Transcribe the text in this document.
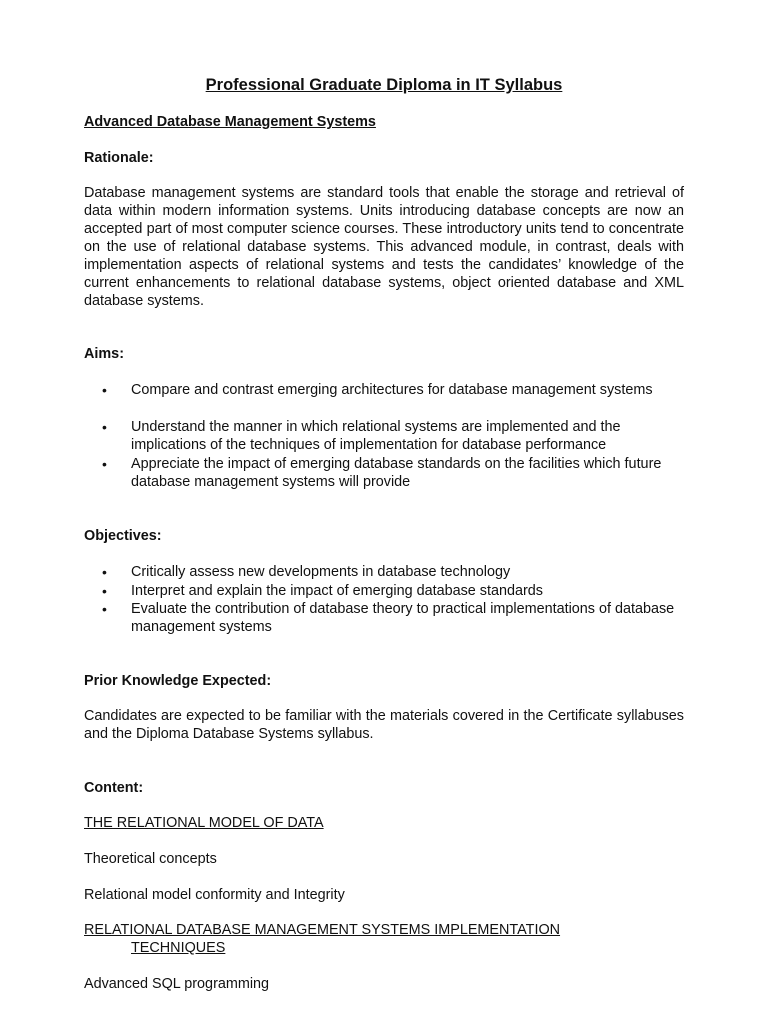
Professional Graduate Diploma in IT Syllabus

Advanced Database Management Systems

Rationale:

Database management systems are standard tools that enable the storage and retrieval of data within modern information systems. Units introducing database concepts are now an accepted part of most computer science courses. These introductory units tend to concentrate on the use of relational database systems. This advanced module, in contrast, deals with implementation aspects of relational systems and tests the candidates’ knowledge of the current enhancements to relational database systems, object oriented database and XML database systems.

Aims:

• Compare and contrast emerging architectures for database management systems

• Understand the manner in which relational systems are implemented and the implications of the techniques of implementation for database performance

• Appreciate the impact of emerging database standards on the facilities which future database management systems will provide

Objectives:

• Critically assess new developments in database technology

• Interpret and explain the impact of emerging database standards

• Evaluate the contribution of database theory to practical implementations of database management systems

Prior Knowledge Expected:

Candidates are expected to be familiar with the materials covered in the Certificate syllabuses and the Diploma Database Systems syllabus.

Content:

THE RELATIONAL MODEL OF DATA

Theoretical concepts

Relational model conformity and Integrity

RELATIONAL DATABASE MANAGEMENT SYSTEMS IMPLEMENTATION

TECHNIQUES

Advanced SQL programming
